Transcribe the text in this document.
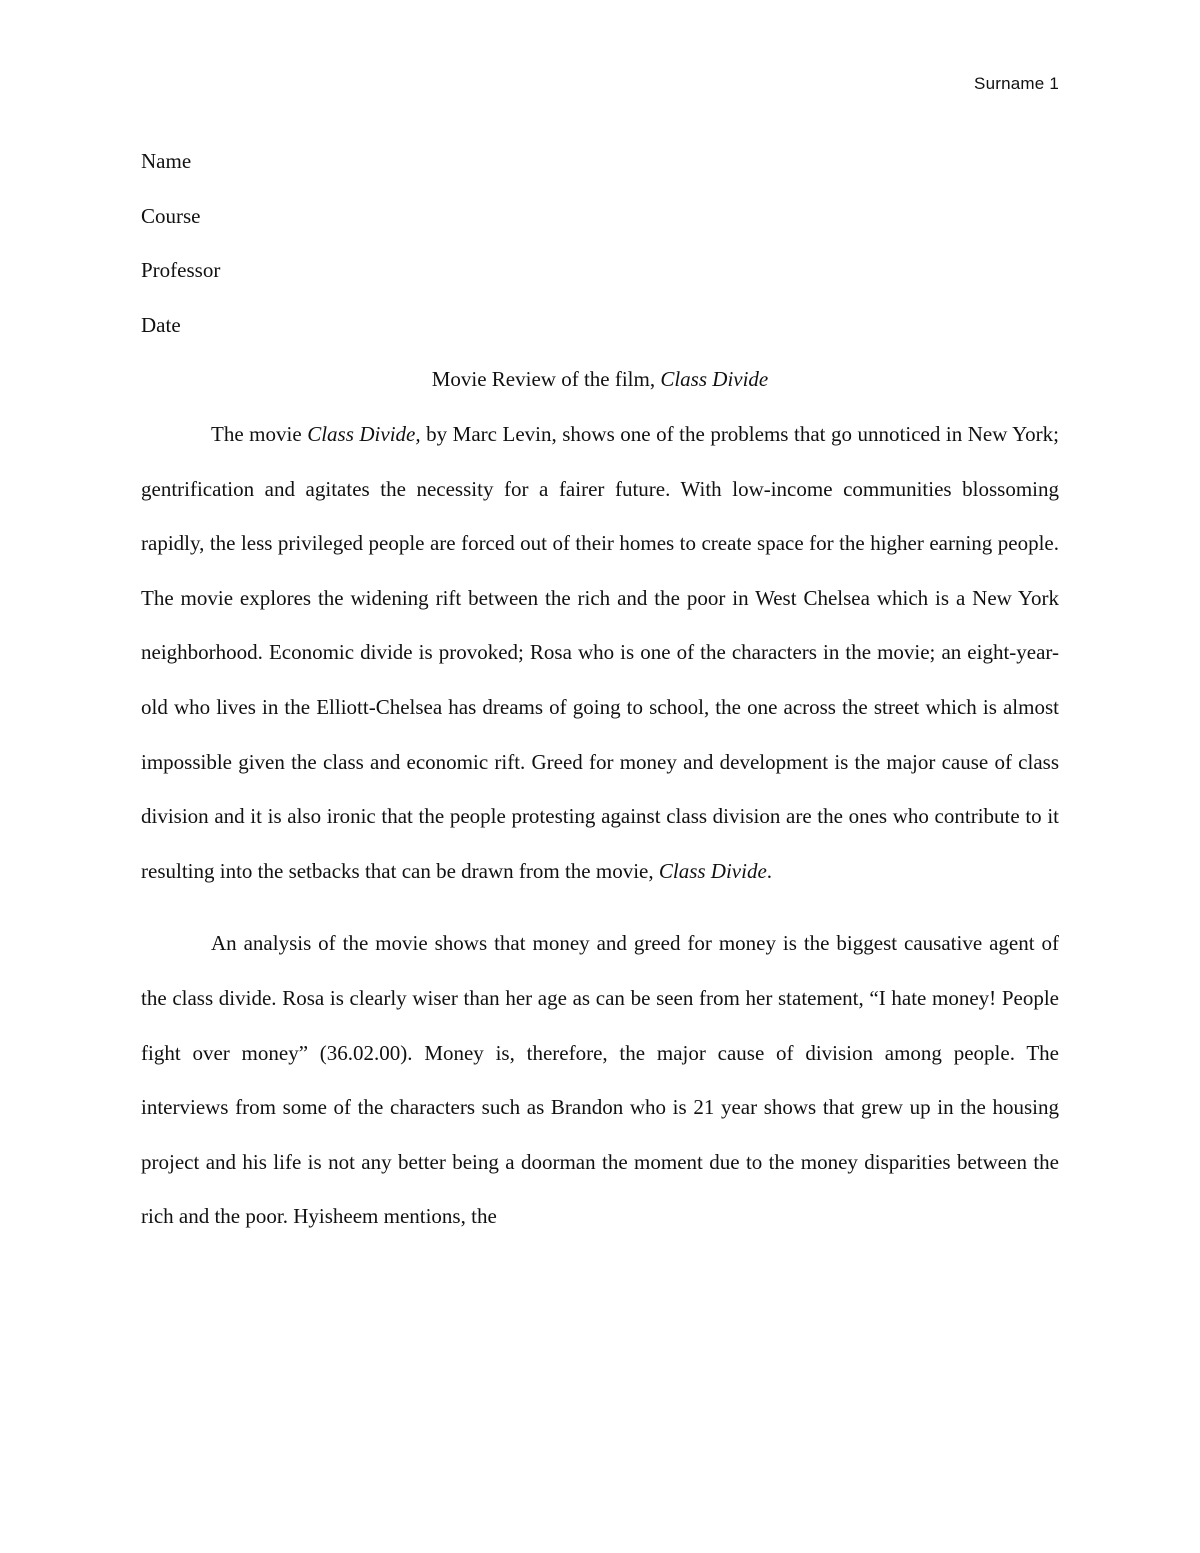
Surname 1
Name
Course
Professor
Date
Movie Review of the film, Class Divide

The movie Class Divide, by Marc Levin, shows one of the problems that go unnoticed in New York; gentrification and agitates the necessity for a fairer future. With low-income communities blossoming rapidly, the less privileged people are forced out of their homes to create space for the higher earning people. The movie explores the widening rift between the rich and the poor in West Chelsea which is a New York neighborhood. Economic divide is provoked; Rosa who is one of the characters in the movie; an eight-year-old who lives in the Elliott-Chelsea has dreams of going to school, the one across the street which is almost impossible given the class and economic rift. Greed for money and development is the major cause of class division and it is also ironic that the people protesting against class division are the ones who contribute to it resulting into the setbacks that can be drawn from the movie, Class Divide.

An analysis of the movie shows that money and greed for money is the biggest causative agent of the class divide. Rosa is clearly wiser than her age as can be seen from her statement, “I hate money! People fight over money” (36.02.00). Money is, therefore, the major cause of division among people. The interviews from some of the characters such as Brandon who is 21 year shows that grew up in the housing project and his life is not any better being a doorman the moment due to the money disparities between the rich and the poor. Hyisheem mentions, the
